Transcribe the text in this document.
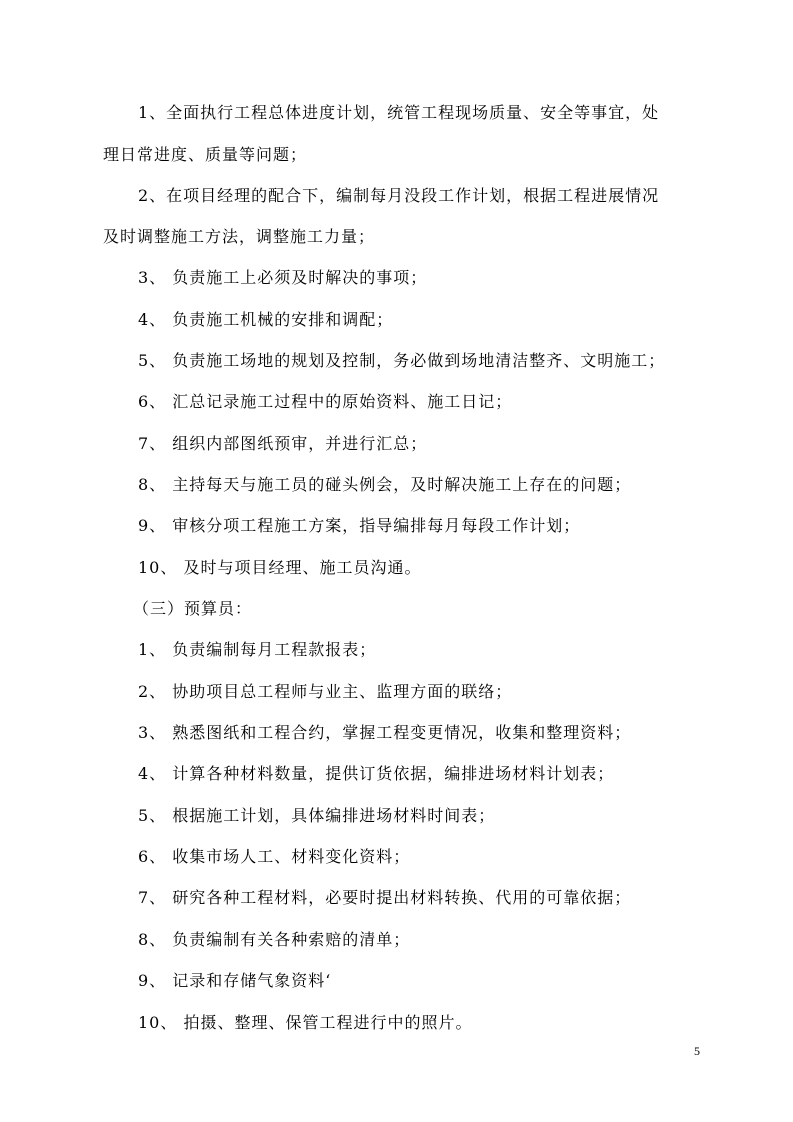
1、全面执行工程总体进度计划，统管工程现场质量、安全等事宜，处
理日常进度、质量等问题；
2、在项目经理的配合下，编制每月没段工作计划，根据工程进展情况
及时调整施工方法，调整施工力量；
3、 负责施工上必须及时解决的事项；
4、 负责施工机械的安排和调配；
5、 负责施工场地的规划及控制，务必做到场地清洁整齐、文明施工；
6、 汇总记录施工过程中的原始资料、施工日记；
7、 组织内部图纸预审，并进行汇总；
8、 主持每天与施工员的碰头例会，及时解决施工上存在的问题；
9、 审核分项工程施工方案，指导编排每月每段工作计划；
10、 及时与项目经理、施工员沟通。
（三）预算员：
1、 负责编制每月工程款报表；
2、 协助项目总工程师与业主、监理方面的联络；
3、 熟悉图纸和工程合约，掌握工程变更情况，收集和整理资料；
4、 计算各种材料数量，提供订货依据，编排进场材料计划表；
5、 根据施工计划，具体编排进场材料时间表；
6、 收集市场人工、材料变化资料；
7、 研究各种工程材料，必要时提出材料转换、代用的可靠依据；
8、 负责编制有关各种索赔的清单；
9、 记录和存储气象资料‘
10、 拍摄、整理、保管工程进行中的照片。
5
